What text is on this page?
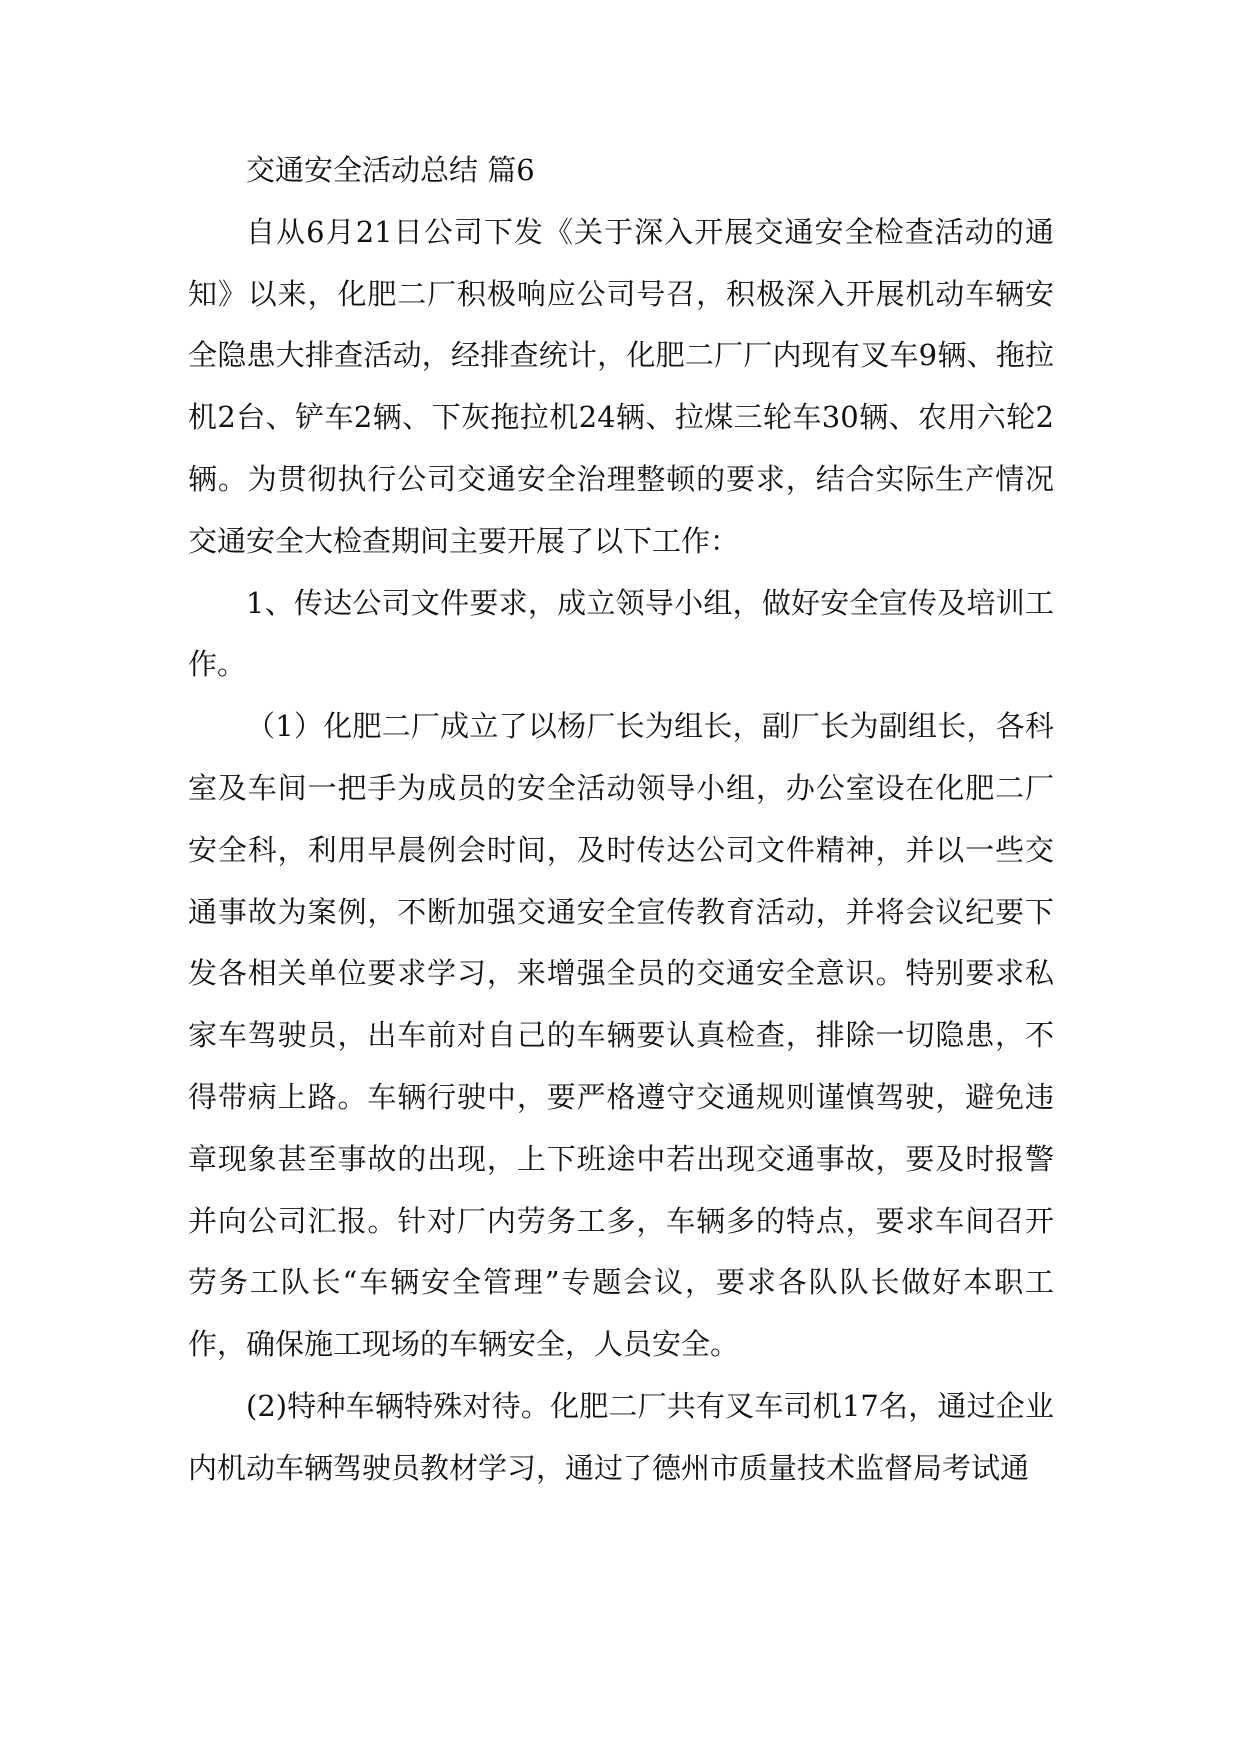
交通安全活动总结 篇6

自从6月21日公司下发《关于深入开展交通安全检查活动的通知》以来，化肥二厂积极响应公司号召，积极深入开展机动车辆安全隐患大排查活动，经排查统计，化肥二厂厂内现有叉车9辆、拖拉机2台、铲车2辆、下灰拖拉机24辆、拉煤三轮车30辆、农用六轮2辆。为贯彻执行公司交通安全治理整顿的要求，结合实际生产情况交通安全大检查期间主要开展了以下工作：

1、传达公司文件要求，成立领导小组，做好安全宣传及培训工作。

（1）化肥二厂成立了以杨厂长为组长，副厂长为副组长，各科室及车间一把手为成员的安全活动领导小组，办公室设在化肥二厂安全科，利用早晨例会时间，及时传达公司文件精神，并以一些交通事故为案例，不断加强交通安全宣传教育活动，并将会议纪要下发各相关单位要求学习，来增强全员的交通安全意识。特别要求私家车驾驶员，出车前对自己的车辆要认真检查，排除一切隐患，不得带病上路。车辆行驶中，要严格遵守交通规则谨慎驾驶，避免违章现象甚至事故的出现，上下班途中若出现交通事故，要及时报警并向公司汇报。针对厂内劳务工多，车辆多的特点，要求车间召开劳务工队长“车辆安全管理”专题会议，要求各队队长做好本职工作，确保施工现场的车辆安全，人员安全。

(2)特种车辆特殊对待。化肥二厂共有叉车司机17名，通过企业内机动车辆驾驶员教材学习，通过了德州市质量技术监督局考试通
